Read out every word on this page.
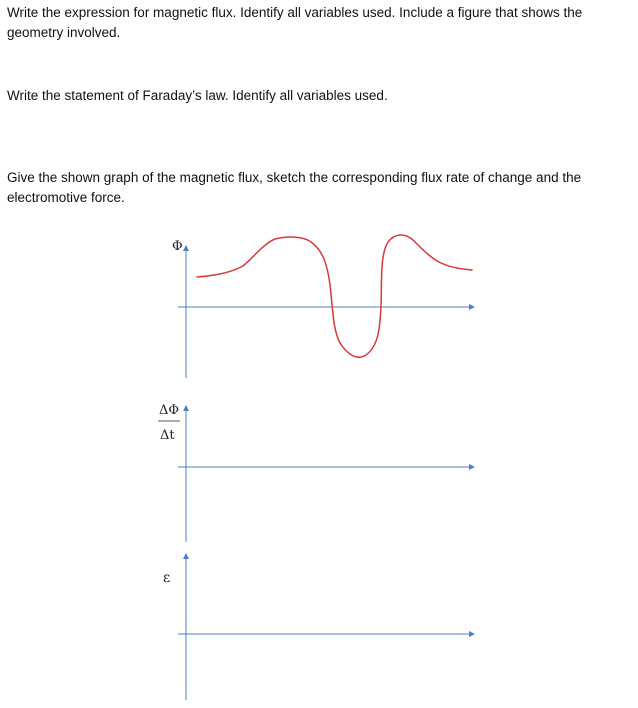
Write the expression for magnetic flux. Identify all variables used. Include a figure that shows the geometry involved.

Write the statement of Faraday’s law. Identify all variables used.

Give the shown graph of the magnetic flux, sketch the corresponding flux rate of change and the electromotive force.

Φ
ΔΦ
Δt
ε
